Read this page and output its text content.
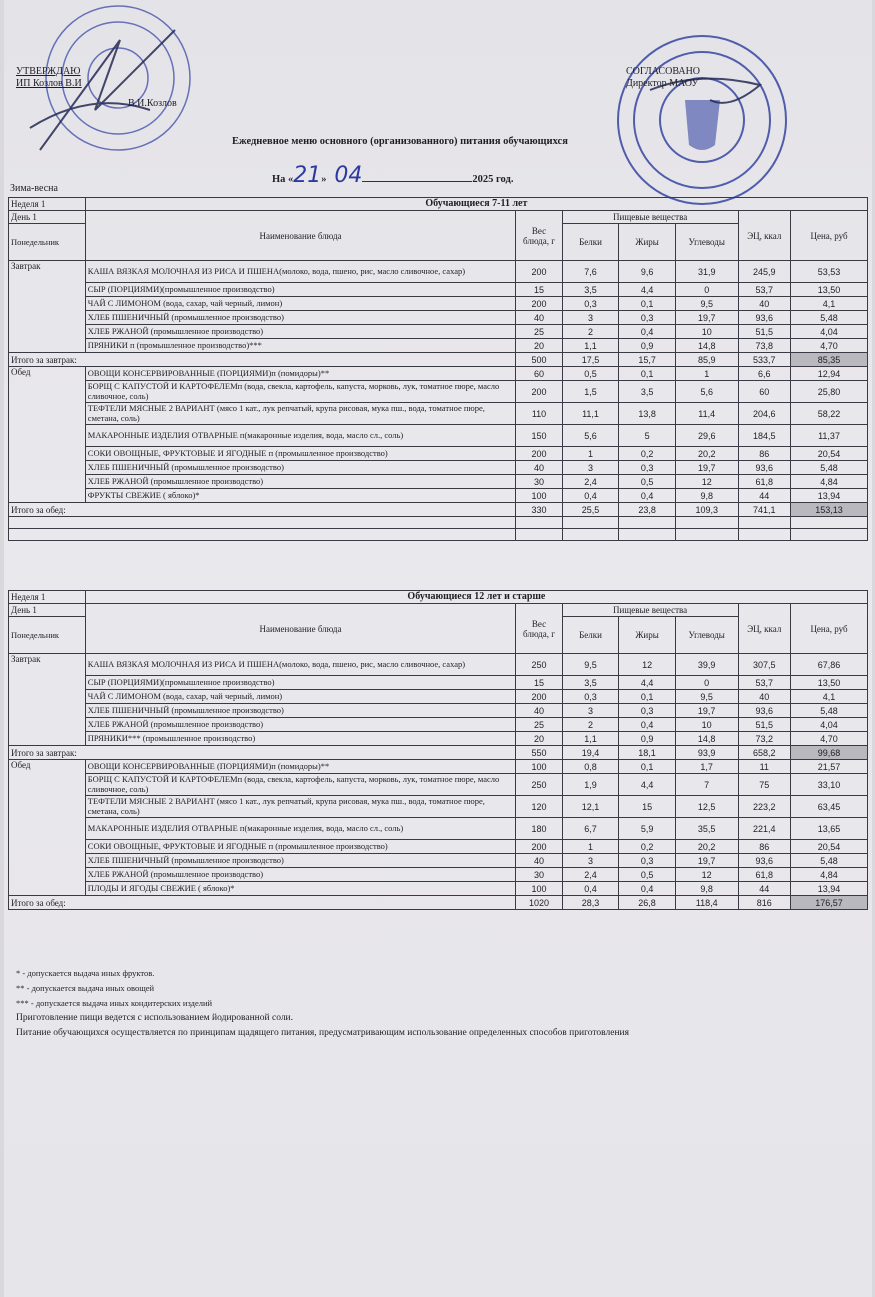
УТВЕРЖДАЮ
ИП Козлов В.И
В.И.Козлов
СОГЛАСОВАНО
Директор МАОУ
Ежедневное меню основного (организованного) питания обучающихся
На «21» 04	2025 год.
Зима-весна
Неделя 1	Обучающиеся 7-11 лет						
День 1	Наименование блюда	Вес блюда, г	Пищевые вещества			ЭЦ, ккал	Цена, руб
Понедельник			Белки	Жиры	Углеводы		

Завтрак	КАША ВЯЗКАЯ МОЛОЧНАЯ ИЗ РИСА И ПШЕНА(молоко, вода, пшено, рис, масло сливочное, сахар)	200	7,6	9,6	31,9	245,9	53,53
	СЫР (ПОРЦИЯМИ)(промышленное производство)	15	3,5	4,4	0	53,7	13,50
	ЧАЙ С ЛИМОНОМ (вода, сахар, чай черный, лимон)	200	0,3	0,1	9,5	40	4,1
	ХЛЕБ ПШЕНИЧНЫЙ (промышленное производство)	40	3	0,3	19,7	93,6	5,48
	ХЛЕБ РЖАНОЙ (промышленное производство)	25	2	0,4	10	51,5	4,04
	ПРЯНИКИ п (промышленное производство)***	20	1,1	0,9	14,8	73,8	4,70
Итого за завтрак:		500	17,5	15,7	85,9	533,7	85,35
Обед	ОВОЩИ КОНСЕРВИРОВАННЫЕ (ПОРЦИЯМИ)п (помидоры)**	60	0,5	0,1	1	6,6	12,94
	БОРЩ С КАПУСТОЙ И КАРТОФЕЛЕМп (вода, свекла, картофель, капуста, морковь, лук, томатное пюре, масло сливочное, соль)	200	1,5	3,5	5,6	60	25,80
	ТЕФТЕЛИ МЯСНЫЕ 2 ВАРИАНТ (мясо 1 кат., лук репчатый, крупа рисовая, мука пш., вода, томатное пюре, сметана, соль)	110	11,1	13,8	11,4	204,6	58,22
	МАКАРОННЫЕ ИЗДЕЛИЯ ОТВАРНЫЕ п(макаронные изделия, вода, масло сл., соль)	150	5,6	5	29,6	184,5	11,37
	СОКИ ОВОЩНЫЕ, ФРУКТОВЫЕ И ЯГОДНЫЕ п (промышленное производство)	200	1	0,2	20,2	86	20,54
	ХЛЕБ ПШЕНИЧНЫЙ (промышленное производство)	40	3	0,3	19,7	93,6	5,48
	ХЛЕБ РЖАНОЙ (промышленное производство)	30	2,4	0,5	12	61,8	4,84
	ФРУКТЫ СВЕЖИЕ ( яблоко)*	100	0,4	0,4	9,8	44	13,94
Итого за обед:		330	25,5	23,8	109,3	741,1	153,13

Неделя 1	Обучающиеся 12 лет и старше						
День 1	Наименование блюда	Вес блюда, г	Пищевые вещества			ЭЦ, ккал	Цена, руб
Понедельник			Белки	Жиры	Углеводы		

Завтрак	КАША ВЯЗКАЯ МОЛОЧНАЯ ИЗ РИСА И ПШЕНА(молоко, вода, пшено, рис, масло сливочное, сахар)	250	9,5	12	39,9	307,5	67,86
	СЫР (ПОРЦИЯМИ)(промышленное производство)	15	3,5	4,4	0	53,7	13,50
	ЧАЙ С ЛИМОНОМ (вода, сахар, чай черный, лимон)	200	0,3	0,1	9,5	40	4,1
	ХЛЕБ ПШЕНИЧНЫЙ (промышленное производство)	40	3	0,3	19,7	93,6	5,48
	ХЛЕБ РЖАНОЙ (промышленное производство)	25	2	0,4	10	51,5	4,04
	ПРЯНИКИ*** (промышленное производство)	20	1,1	0,9	14,8	73,2	4,70
Итого за завтрак:		550	19,4	18,1	93,9	658,2	99,68
Обед	ОВОЩИ КОНСЕРВИРОВАННЫЕ (ПОРЦИЯМИ)п (помидоры)**	100	0,8	0,1	1,7	11	21,57
	БОРЩ С КАПУСТОЙ И КАРТОФЕЛЕМп (вода, свекла, картофель, капуста, морковь, лук, томатное пюре, масло сливочное, соль)	250	1,9	4,4	7	75	33,10
	ТЕФТЕЛИ МЯСНЫЕ 2 ВАРИАНТ (мясо 1 кат., лук репчатый, крупа рисовая, мука пш., вода, томатное пюре, сметана, соль)	120	12,1	15	12,5	223,2	63,45
	МАКАРОННЫЕ ИЗДЕЛИЯ ОТВАРНЫЕ п(макаронные изделия, вода, масло сл., соль)	180	6,7	5,9	35,5	221,4	13,65
	СОКИ ОВОЩНЫЕ, ФРУКТОВЫЕ И ЯГОДНЫЕ п (промышленное производство)	200	1	0,2	20,2	86	20,54
	ХЛЕБ ПШЕНИЧНЫЙ (промышленное производство)	40	3	0,3	19,7	93,6	5,48
	ХЛЕБ РЖАНОЙ (промышленное производство)	30	2,4	0,5	12	61,8	4,84
	ПЛОДЫ И ЯГОДЫ СВЕЖИЕ ( яблоко)*	100	0,4	0,4	9,8	44	13,94
Итого за обед:		1020	28,3	26,8	118,4	816	176,57
* - допускается выдача иных фруктов.
** - допускается выдача иных овощей
*** - допускается выдача иных кондитерских изделий
Приготовление пищи ведется с использованием йодированной соли.
Питание обучающихся осуществляется по принципам щадящего питания, предусматривающим использование определенных способов приготовления
